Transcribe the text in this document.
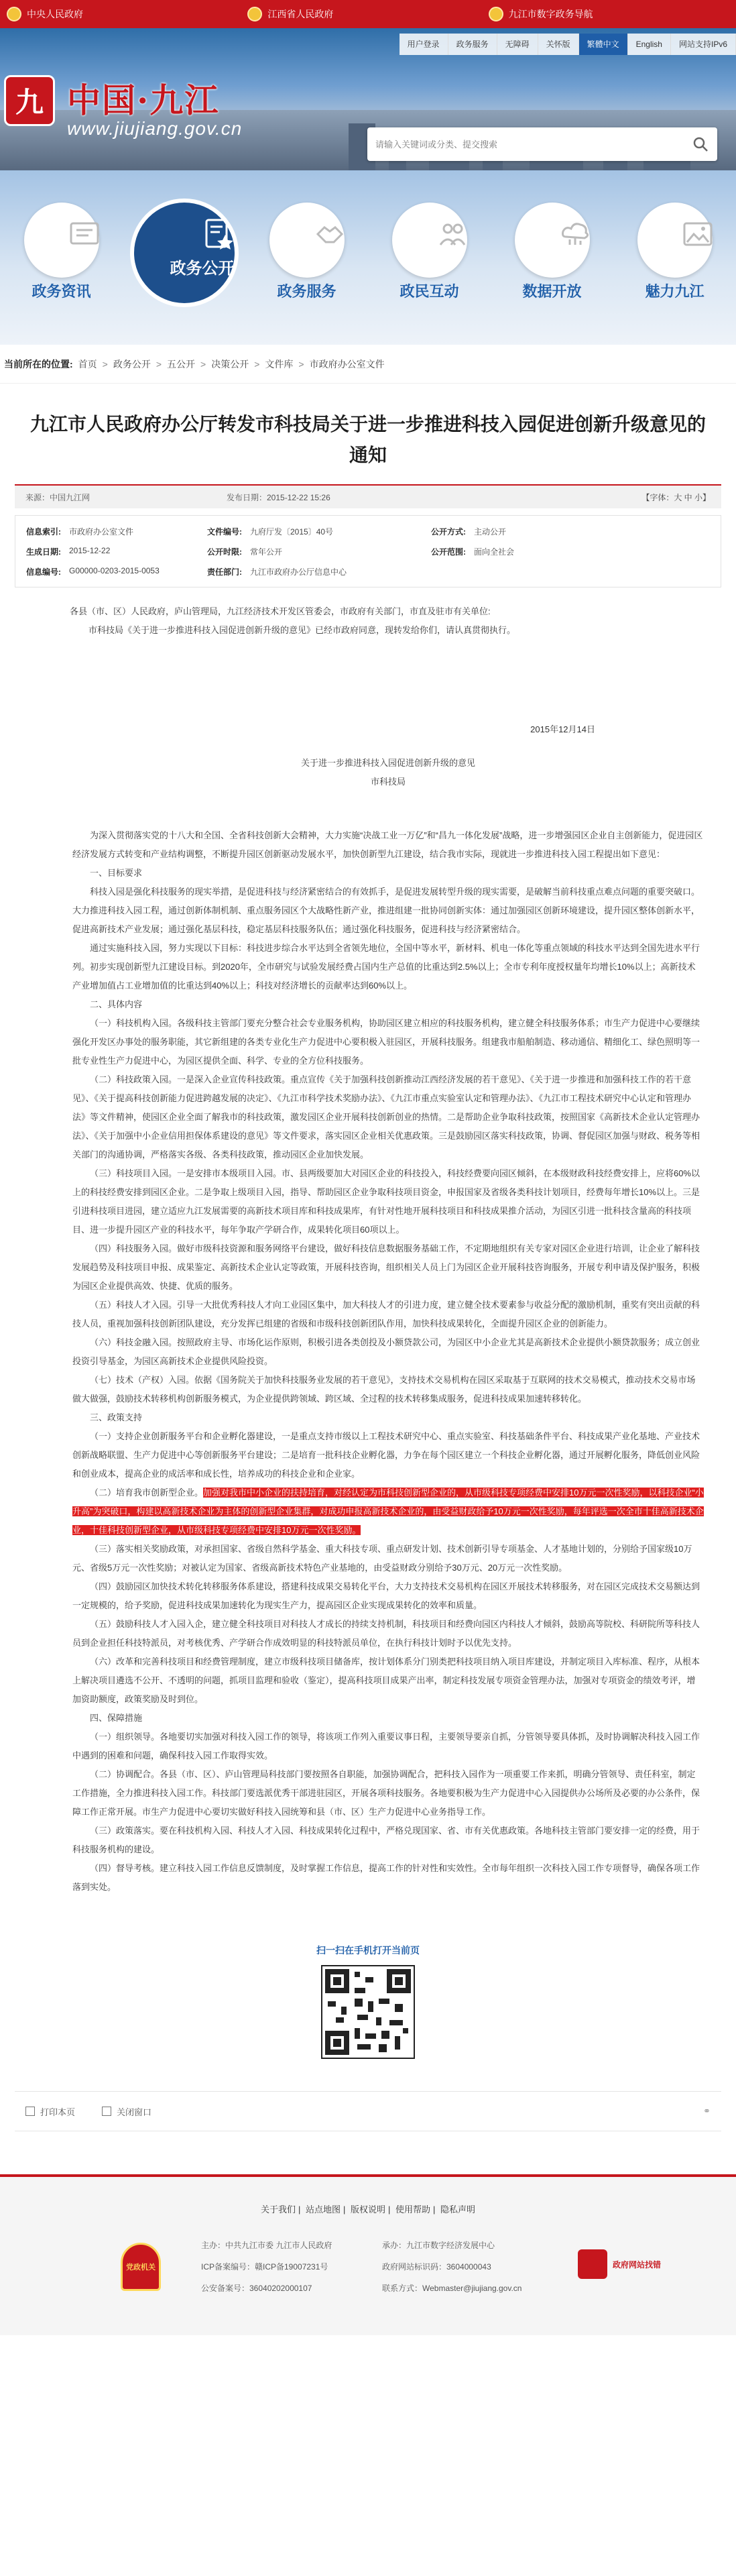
中央人民政府	江西省人民政府	九江市数字政务导航
用户登录	政务服务	无障碍	关怀版	繁體中文	English	网站支持IPv6
九 中国·九江
www.jiujiang.gov.cn
请输入关键词或分类、提交搜索
政务资讯
政务公开
政务服务	政民互动	数据开放	魅力九江
当前所在的位置: 首页 > 政务公开 > 五公开 > 决策公开 > 文件库 > 市政府办公室文件
九江市人民政府办公厅转发市科技局关于进一步推进科技入园促进创新升级意见的通知
来源：中国九江网	发布日期：2015-12-22 15:26	【字体：大 中 小】
信息索引:	市政府办公室文件	文件编号:	九府厅发〔2015〕40号	公开方式:	主动公开
生成日期:	2015-12-22	公开时限:	常年公开	公开范围:	面向全社会
信息编号:	G00000-0203-2015-0053	责任部门:	九江市政府办公厅信息中心

各县（市、区）人民政府，庐山管理局，九江经济技术开发区管委会，市政府有关部门，市直及驻市有关单位:

市科技局《关于进一步推进科技入园促进创新升级的意见》已经市政府同意，现转发给你们，请认真贯彻执行。

2015年12月14日

关于进一步推进科技入园促进创新升级的意见

市科技局

为深入贯彻落实党的十八大和全国、全省科技创新大会精神，大力实施“决战工业一万亿”和“昌九一体化发展”战略，进一步增强园区企业自主创新能力，促进园区经济发展方式转变和产业结构调整，不断提升园区创新驱动发展水平，加快创新型九江建设，结合我市实际，现就进一步推进科技入园工程提出如下意见：

一、目标要求

科技入园是强化科技服务的现实举措，是促进科技与经济紧密结合的有效抓手，是促进发展转型升级的现实需要，是破解当前科技重点难点问题的重要突破口。大力推进科技入园工程，通过创新体制机制、重点服务园区个大战略性新产业，推进组建一批协同创新实体：通过加强园区创新环境建设，提升园区整体创新水平，促进高新技术产业发展；通过强化基层科技，稳定基层科技服务队伍；通过强化科技服务，促进科技与经济紧密结合。

通过实施科技入园，努力实现以下目标：科技进步综合水平达到全省领先地位，全国中等水平，新材料、机电一体化等重点领域的科技水平达到全国先进水平行列。初步实现创新型九江建设目标。到2020年，全市研究与试验发展经费占国内生产总值的比重达到2.5%以上；全市专利年度授权量年均增长10%以上；高新技术产业增加值占工业增加值的比重达到40%以上；科技对经济增长的贡献率达到60%以上。

二、具体内容

（一）科技机构入园。各级科技主管部门要充分整合社会专业服务机构，协助园区建立相应的科技服务机构，建立健全科技服务体系；市生产力促进中心要继续强化开发区办事处的服务职能，其它新组建的各类专业化生产力促进中心要积极入驻园区，开展科技服务。组建我市船舶制造、移动通信、精细化工、绿色照明等一批专业性生产力促进中心，为园区提供全面、科学、专业的全方位科技服务。

（二）科技政策入园。一是深入企业宣传科技政策。重点宣传《关于加强科技创新推动江西经济发展的若干意见》、《关于进一步推进和加强科技工作的若干意见》、《关于提高科技创新能力促进跨越发展的决定》、《九江市科学技术奖励办法》、《九江市重点实验室认定和管理办法》、《九江市工程技术研究中心认定和管理办法》等文件精神，使园区企业全面了解我市的科技政策，激发园区企业开展科技创新创业的热情。二是帮助企业争取科技政策，按照国家《高新技术企业认定管理办法》、《关于加强中小企业信用担保体系建设的意见》等文件要求，落实园区企业相关优惠政策。三是鼓励园区落实科技政策，协调、督促园区加强与财政、税务等相关部门的沟通协调，严格落实各级、各类科技政策，推动园区企业加快发展。

（三）科技项目入园。一是安排市本级项目入园。市、县两级要加大对园区企业的科技投入，科技经费要向园区倾斜，在本级财政科技经费安排上，应将60%以上的科技经费安排到园区企业。二是争取上级项目入园，指导、帮助园区企业争取科技项目资金，申报国家及省级各类科技计划项目，经费每年增长10%以上。三是引进科技项目进园，建立适应九江发展需要的高新技术项目库和科技成果库，有针对性地开展科技项目和科技成果推介活动，为园区引进一批科技含量高的科技项目、进一步提升园区产业的科技水平，每年争取产学研合作，成果转化项目60项以上。

（四）科技服务入园。做好市级科技资源和服务网络平台建设，做好科技信息数据服务基础工作，不定期地组织有关专家对园区企业进行培训，让企业了解科技发展趋势及科技项目申报、成果鉴定、高新技术企业认定等政策，开展科技咨询，组织相关人员上门为园区企业开展科技咨询服务，开展专利申请及保护服务，积极为园区企业提供高效、快捷、优质的服务。

（五）科技人才入园。引导一大批优秀科技人才向工业园区集中，加大科技人才的引进力度，建立健全技术要素参与收益分配的激励机制，重奖有突出贡献的科技人员，重视加强科技创新团队建设，充分发挥已组建的省级和市级科技创新团队作用，加快科技成果转化，全面提升园区企业的创新能力。

（六）科技金融入园。按照政府主导、市场化运作原则，积极引进各类创投及小额贷款公司，为园区中小企业尤其是高新技术企业提供小额贷款服务；成立创业投资引导基金，为园区高新技术企业提供风险投资。

（七）技术（产权）入园。依据《国务院关于加快科技服务业发展的若干意见》，支持技术交易机构在园区采取基于互联网的技术交易模式，推动技术交易市场做大做强，鼓励技术转移机构创新服务模式，为企业提供跨领域、跨区域、全过程的技术转移集成服务，促进科技成果加速转移转化。

三、政策支持

（一）支持企业创新服务平台和企业孵化器建设，一是重点支持市级以上工程技术研究中心、重点实验室、科技基础条件平台、科技成果产业化基地、产业技术创新战略联盟、生产力促进中心等创新服务平台建设；二是培育一批科技企业孵化器，力争在每个园区建立一个科技企业孵化器，通过开展孵化服务，降低创业风险和创业成本，提高企业的成活率和成长性，培养成功的科技企业和企业家。

（二）培育我市创新型企业。加强对我市中小企业的扶持培育，对经认定为市科技创新型企业的，从市级科技专项经费中安排10万元一次性奖励，以科技企业“小升高”为突破口，构建以高新技术企业为主体的创新型企业集群，对成功申报高新技术企业的，由受益财政给予10万元一次性奖励，每年评选一次全市十佳高新技术企业，十佳科技创新型企业，从市级科技专项经费中安排10万元一次性奖励。

（三）落实相关奖励政策，对承担国家、省级自然科学基金、重大科技专项、重点研发计划、技术创新引导专项基金、人才基地计划的，分别给予国家级10万元、省级5万元一次性奖励；对被认定为国家、省级高新技术特色产业基地的，由受益财政分别给予30万元、20万元一次性奖励。

（四）鼓励园区加快技术转化转移服务体系建设，搭建科技成果交易转化平台，大力支持技术交易机构在园区开展技术转移服务，对在园区完成技术交易额达到一定规模的，给予奖励，促进科技成果加速转化为现实生产力，提高园区企业实现成果转化的效率和质量。

（五）鼓励科技人才入园入企，建立健全科技项目对科技人才成长的持续支持机制，科技项目和经费向园区内科技人才倾斜，鼓励高等院校、科研院所等科技人员到企业担任科技特派员，对考核优秀、产学研合作成效明显的科技特派员单位，在执行科技计划时予以优先支持。

（六）改革和完善科技项目和经费管理制度，建立市级科技项目储备库，按计划体系分门别类把科技项目纳入项目库建设，并制定项目入库标准、程序，从根本上解决项目遴选不公开、不透明的问题，抓项目监理和验收（鉴定），提高科技项目成果产出率，制定科技发展专项资金管理办法，加强对专项资金的绩效考评，增加资助额度，政策奖励及时到位。

四、保障措施

（一）组织领导。各地要切实加强对科技入园工作的领导，将该项工作列入重要议事日程，主要领导要亲自抓，分管领导要具体抓，及时协调解决科技入园工作中遇到的困难和问题，确保科技入园工作取得实效。

（二）协调配合。各县（市、区）、庐山管理局科技部门要按照各自职能，加强协调配合，把科技入园作为一项重要工作来抓，明确分管领导、责任科室，制定工作措施，全力推进科技入园工作。科技部门要选派优秀干部进驻园区，开展各项科技服务。各地要积极为生产力促进中心入园提供办公场所及必要的办公条件，保障工作正常开展。市生产力促进中心要切实做好科技入园统筹和县（市、区）生产力促进中心业务指导工作。

（三）政策落实。要在科技机构入园、科技人才入园、科技成果转化过程中，严格兑现国家、省、市有关优惠政策。各地科技主管部门要安排一定的经费，用于科技服务机构的建设。

（四）督导考核。建立科技入园工作信息反馈制度，及时掌握工作信息，提高工作的针对性和实效性。全市每年组织一次科技入园工作专项督导，确保各项工作落到实处。

扫一扫在手机打开当前页
打印本页	关闭窗口	⚭
关于我们 | 站点地图 | 版权说明 | 使用帮助 | 隐私声明
党政机关
主办：中共九江市委 九江市人民政府	承办：九江市数字经济发展中心
ICP备案编号：赣ICP备19007231号	政府网站标识码：3604000043
公安备案号：36040202000107	联系方式：Webmaster@jiujiang.gov.cn
政府网站找错
